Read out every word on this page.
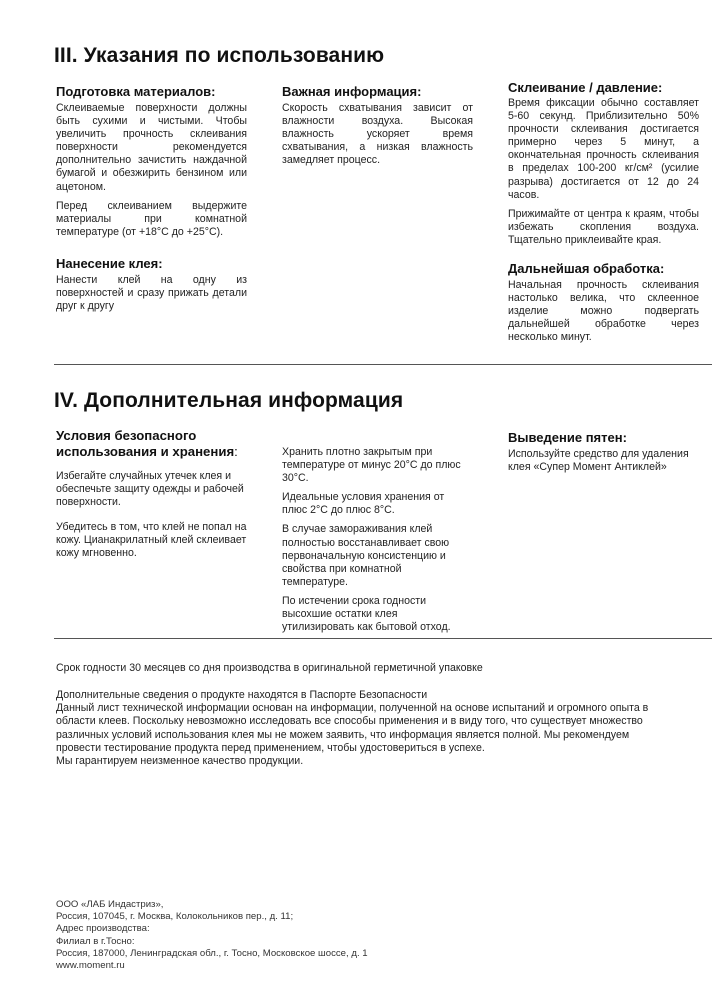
III. Указания по использованию
Подготовка материалов:

Склеиваемые поверхности должны быть сухими и чистыми. Чтобы увеличить прочность склеивания поверхности рекомендуется дополнительно зачистить наждачной бумагой и обезжирить бензином или ацетоном.

Перед склеиванием выдержите материалы при комнатной температуре (от +18°С до +25°С).

Нанесение клея:

Нанести клей на одну из поверхностей и сразу прижать детали друг к другу

Важная информация:

Скорость схватывания зависит от влажности воздуха. Высокая влажность ускоряет время схватывания, а низкая влажность замедляет процесс.

Склеивание / давление:

Время фиксации обычно составляет 5-60 секунд. Приблизительно 50% прочности склеивания достигается примерно через 5 минут, а окончательная прочность склеивания в пределах 100-200 кг/см² (усилие разрыва) достигается от 12 до 24 часов.

Прижимайте от центра к краям, чтобы избежать скопления воздуха. Тщательно приклеивайте края.

Дальнейшая обработка:

Начальная прочность склеивания настолько велика, что склеенное изделие можно подвергать дальнейшей обработке через несколько минут.

IV. Дополнительная информация
Условия безопасного
использования и хранения:

Избегайте случайных утечек клея и обеспечьте защиту одежды и рабочей поверхности.

Убедитесь в том, что клей не попал на кожу. Цианакрилатный клей склеивает кожу мгновенно.

Хранить плотно закрытым при температуре от минус 20°С до плюс 30°С.

Идеальные условия хранения от плюс 2°С до плюс 8°С.

В случае замораживания клей полностью восстанавливает свою первоначальную консистенцию и свойства при комнатной температуре.

По истечении срока годности высохшие остатки клея утилизировать как бытовой отход.

Выведение пятен:

Используйте средство для удаления клея «Супер Момент Антиклей»

Срок годности 30 месяцев со дня производства в оригинальной герметичной упаковке
Дополнительные сведения о продукте находятся в Паспорте Безопасности
Данный лист технической информации основан на информации, полученной на основе испытаний и огромного опыта в
области клеев. Поскольку невозможно исследовать все способы применения и в виду того, что существует множество
различных условий использования клея мы не можем заявить, что информация является полной. Мы рекомендуем
провести тестирование продукта перед применением, чтобы удостовериться в успехе.
Мы гарантируем неизменное качество продукции.
ООО «ЛАБ Индастриз»,
Россия, 107045, г. Москва, Колокольников пер., д. 11;
Адрес производства:
Филиал в г.Тосно:
Россия, 187000, Ленинградская обл., г. Тосно, Московское шоссе, д. 1
www.moment.ru
